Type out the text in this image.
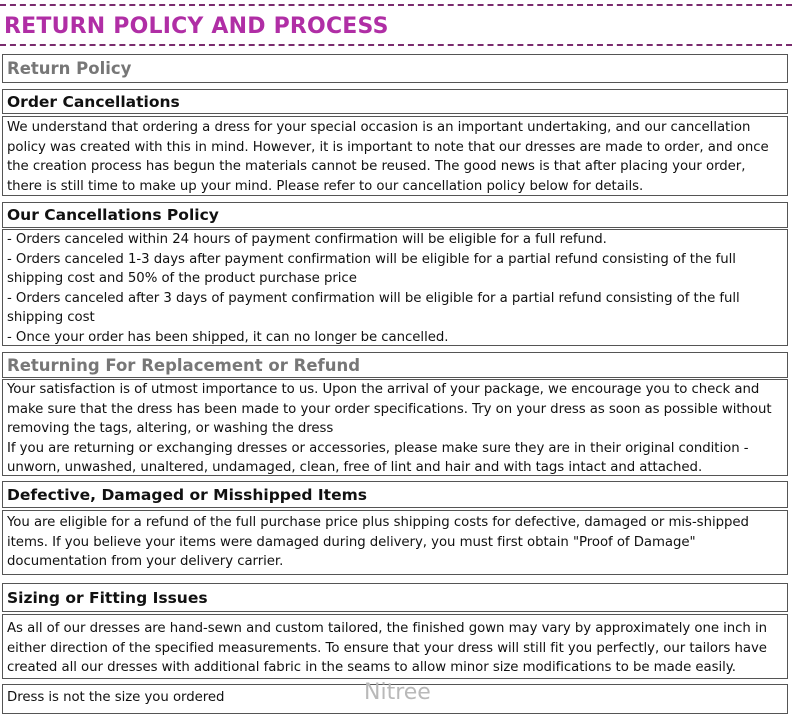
RETURN POLICY AND PROCESS
Return Policy
Order Cancellations

We understand that ordering a dress for your special occasion is an important undertaking, and our cancellation policy was created with this in mind. However, it is important to note that our dresses are made to order, and once the creation process has begun the materials cannot be reused. The good news is that after placing your order, there is still time to make up your mind. Please refer to our cancellation policy below for details.

Our Cancellations Policy

- Orders canceled within 24 hours of payment confirmation will be eligible for a full refund.

- Orders canceled 1-3 days after payment confirmation will be eligible for a partial refund consisting of the full shipping cost and 50% of the product purchase price

- Orders canceled after 3 days of payment confirmation will be eligible for a partial refund consisting of the full shipping cost

- Once your order has been shipped, it can no longer be cancelled.

Returning For Replacement or Refund

Your satisfaction is of utmost importance to us. Upon the arrival of your package, we encourage you to check and make sure that the dress has been made to your order specifications. Try on your dress as soon as possible without removing the tags, altering, or washing the dress

If you are returning or exchanging dresses or accessories, please make sure they are in their original condition - unworn, unwashed, unaltered, undamaged, clean, free of lint and hair and with tags intact and attached.

Defective, Damaged or Misshipped Items

You are eligible for a refund of the full purchase price plus shipping costs for defective, damaged or mis-shipped items. If you believe your items were damaged during delivery, you must first obtain "Proof of Damage" documentation from your delivery carrier.

Sizing or Fitting Issues

As all of our dresses are hand-sewn and custom tailored, the finished gown may vary by approximately one inch in either direction of the specified measurements. To ensure that your dress will still fit you perfectly, our tailors have created all our dresses with additional fabric in the seams to allow minor size modifications to be made easily.

Dress is not the size you ordered	Nitree
